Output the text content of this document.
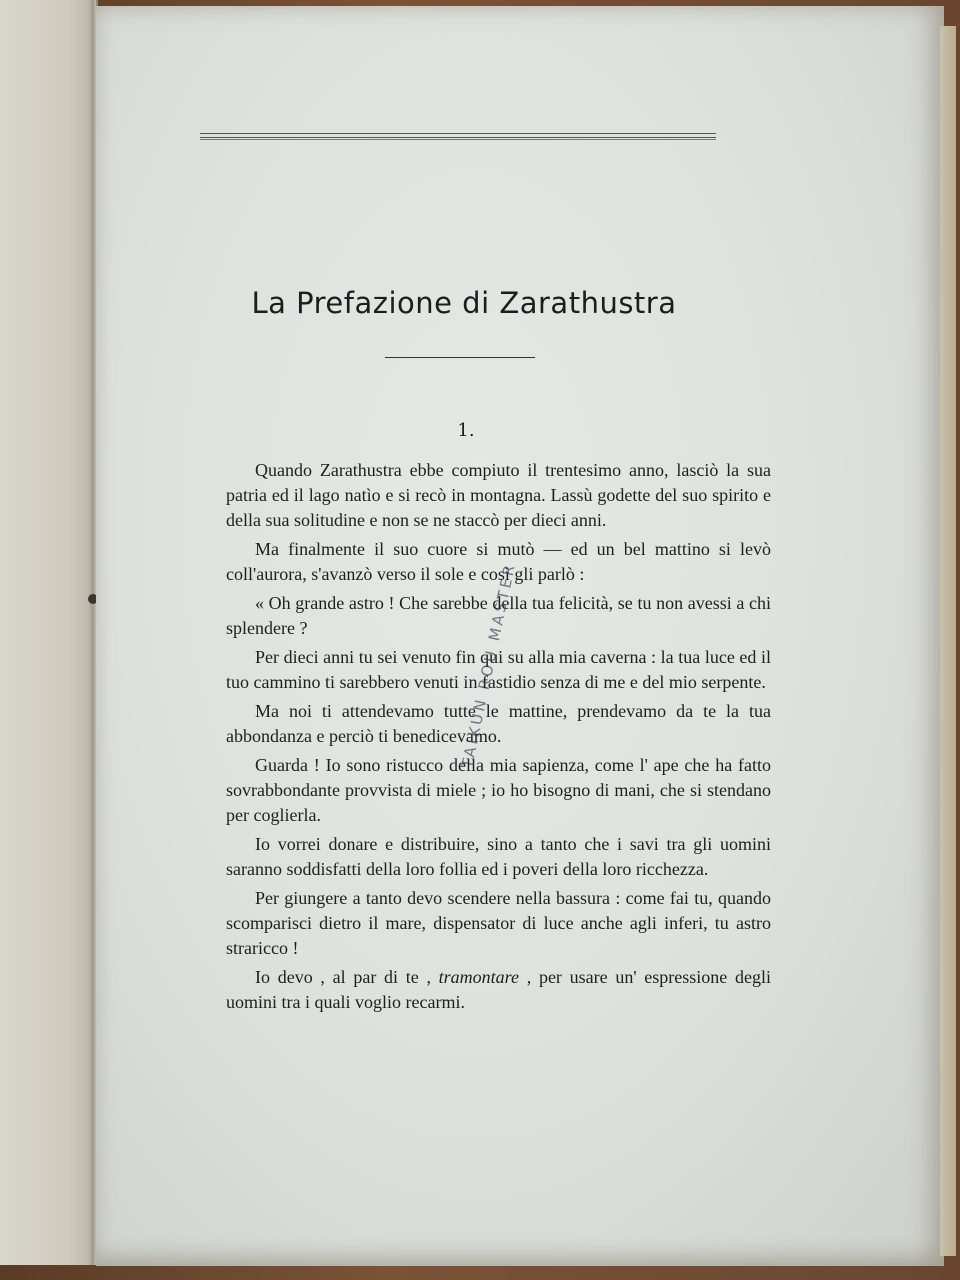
La Prefazione di Zarathustra
1.

  Quando Zarathustra ebbe compiuto il trentesimo anno, lasciò la sua patria ed il lago natìo e si recò in montagna. Lassù godette del suo spirito e della sua solitudine e non se ne staccò per dieci anni.

  Ma finalmente il suo cuore si mutò — ed un bel mattino si levò coll'aurora, s'avanzò verso il sole e così gli parlò :

  « Oh grande astro ! Che sarebbe della tua felicità, se tu non avessi a chi splendere ?

  Per dieci anni tu sei venuto fin qui su alla mia caverna : la tua luce ed il tuo cammino ti sarebbero venuti in fastidio senza di me e del mio serpente.

  Ma noi ti attendevamo tutte le mattine, prendevamo da te la tua abbondanza e perciò ti benedicevamo.

  Guarda ! Io sono ristucco della mia sapienza, come l' ape che ha fatto sovrabbondante provvista di miele ; io ho bisogno di mani, che si stendano per coglierla.

  Io vorrei donare e distribuire, sino a tanto che i savi tra gli uomini saranno soddisfatti della loro follia ed i poveri della loro ricchezza.

  Per giungere a tanto devo scendere nella bassura : come fai tu, quando scomparisci dietro il mare, dispensator di luce anche agli inferi, tu astro straricco !

  Io devo , al par di te , tramontare , per usare un' espressione degli uomini tra i quali voglio recarmi.

TAIKUN ROU MASTER
